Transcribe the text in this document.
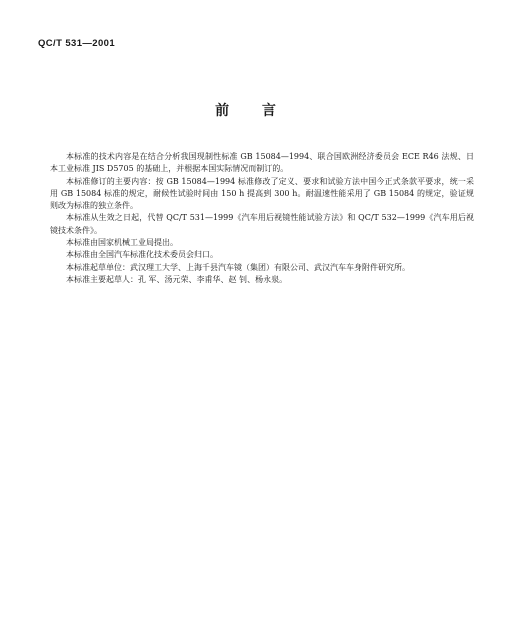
QC/T 531—2001
前 言

本标准的技术内容是在结合分析我国现制性标准 GB 15084—1994、联合国欧洲经济委员会 ECE R46 法规、日本工业标准 JIS D5705 的基础上，并根据本国实际情况而制订的。

本标准修订的主要内容：按 GB 15084—1994 标准修改了定义、要求和试验方法中国今正式条款平要求，统一采用 GB 15084 标准的规定，耐候性试验时间由 150 h 提高到 300 h。耐温速性能采用了 GB 15084 的规定，验证规则改为标准的独立条件。

本标准从生效之日起，代替 QC/T 531—1999《汽车用后视镜性能试验方法》和 QC/T 532—1999《汽车用后视镜技术条件》。

本标准由国家机械工业局提出。

本标准由全国汽车标准化技术委员会归口。

本标准起草单位：武汉理工大学、上海千县汽车镜（集团）有限公司、武汉汽车车身附件研究所。

本标准主要起草人：孔 军、汤元荣、李甫华、赵 钊、杨永泉。
